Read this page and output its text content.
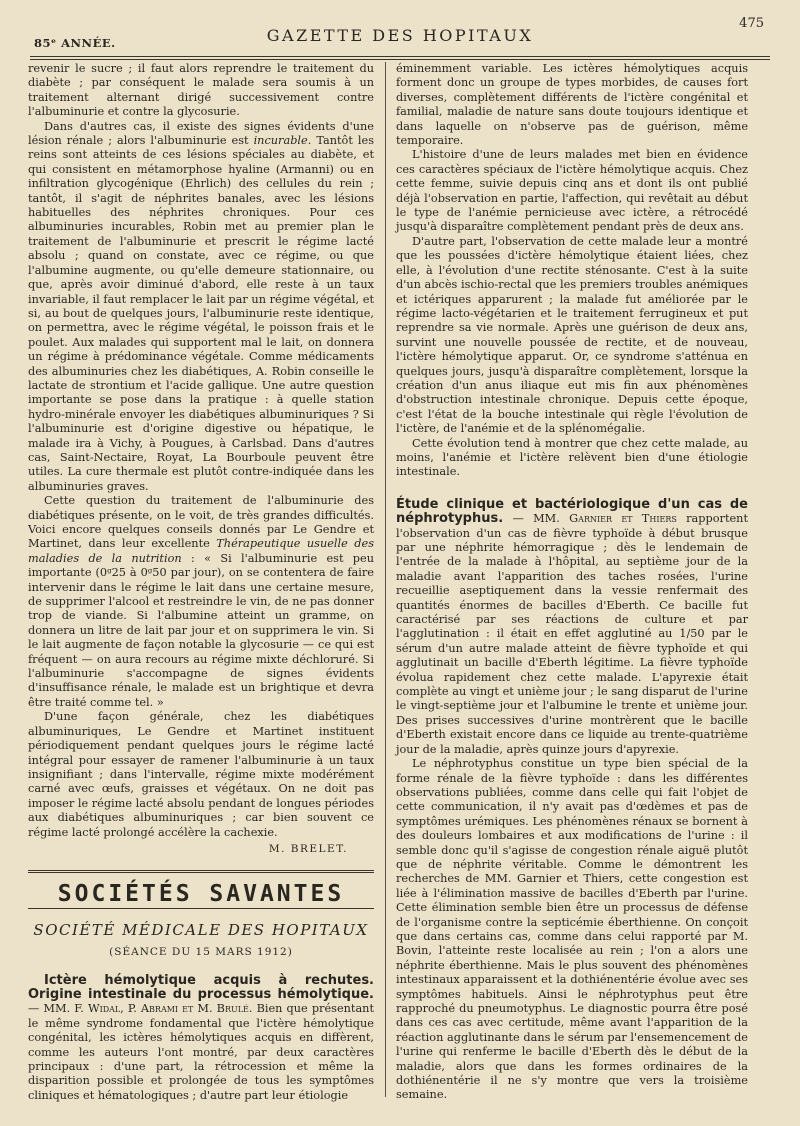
85ᵉ ANNÉE.	GAZETTE DES HOPITAUX
475

revenir le sucre ; il faut alors reprendre le traitement du diabète ; par conséquent le malade sera soumis à un traitement alternant dirigé successivement contre l'albuminurie et contre la glycosurie.

Dans d'autres cas, il existe des signes évidents d'une lésion rénale ; alors l'albuminurie est incurable. Tantôt les reins sont atteints de ces lésions spéciales au diabète, et qui consistent en métamorphose hyaline (Armanni) ou en infiltration glycogénique (Ehrlich) des cellules du rein ; tantôt, il s'agit de néphrites banales, avec les lésions habituelles des néphrites chroniques. Pour ces albuminuries incurables, Robin met au premier plan le traitement de l'albuminurie et prescrit le régime lacté absolu ; quand on constate, avec ce régime, ou que l'albumine augmente, ou qu'elle demeure stationnaire, ou que, après avoir diminué d'abord, elle reste à un taux invariable, il faut remplacer le lait par un régime végétal, et si, au bout de quelques jours, l'albuminurie reste identique, on permettra, avec le régime végétal, le poisson frais et le poulet. Aux malades qui supportent mal le lait, on donnera un régime à prédominance végétale. Comme médicaments des albuminuries chez les diabétiques, A. Robin conseille le lactate de strontium et l'acide gallique. Une autre question importante se pose dans la pratique : à quelle station hydro-minérale envoyer les diabétiques albuminuriques ? Si l'albuminurie est d'origine digestive ou hépatique, le malade ira à Vichy, à Pougues, à Carlsbad. Dans d'autres cas, Saint-Nectaire, Royat, La Bourboule peuvent être utiles. La cure thermale est plutôt contre-indiquée dans les albuminuries graves.

Cette question du traitement de l'albuminurie des diabétiques présente, on le voit, de très grandes difficultés. Voici encore quelques conseils donnés par Le Gendre et Martinet, dans leur excellente Thérapeutique usuelle des maladies de la nutrition : « Si l'albuminurie est peu importante (0ᵍ25 à 0ᵍ50 par jour), on se contentera de faire intervenir dans le régime le lait dans une certaine mesure, de supprimer l'alcool et restreindre le vin, de ne pas donner trop de viande. Si l'albumine atteint un gramme, on donnera un litre de lait par jour et on supprimera le vin. Si le lait augmente de façon notable la glycosurie — ce qui est fréquent — on aura recours au régime mixte déchloruré. Si l'albuminurie s'accompagne de signes évidents d'insuffisance rénale, le malade est un brightique et devra être traité comme tel. »

D'une façon générale, chez les diabétiques albuminuriques, Le Gendre et Martinet instituent périodiquement pendant quelques jours le régime lacté intégral pour essayer de ramener l'albuminurie à un taux insignifiant ; dans l'intervalle, régime mixte modérément carné avec œufs, graisses et végétaux. On ne doit pas imposer le régime lacté absolu pendant de longues périodes aux diabétiques albuminuriques ; car bien souvent ce régime lacté prolongé accélère la cachexie.

M. BRELET.
SOCIÉTÉS SAVANTES
SOCIÉTÉ MÉDICALE DES HOPITAUX
(SÉANCE DU 15 MARS 1912)

Ictère hémolytique acquis à rechutes. Origine intestinale du processus hémolytique. — MM. F. Widal, P. Abrami et M. Brulé. Bien que présentant le même syndrome fondamental que l'ictère hémolytique congénital, les ictères hémolytiques acquis en diffèrent, comme les auteurs l'ont montré, par deux caractères principaux : d'une part, la rétrocession et même la disparition possible et prolongée de tous les symptômes cliniques et hématologiques ; d'autre part leur étiologie

éminemment variable. Les ictères hémolytiques acquis forment donc un groupe de types morbides, de causes fort diverses, complètement différents de l'ictère congénital et familial, maladie de nature sans doute toujours identique et dans laquelle on n'observe pas de guérison, même temporaire.

L'histoire d'une de leurs malades met bien en évidence ces caractères spéciaux de l'ictère hémolytique acquis. Chez cette femme, suivie depuis cinq ans et dont ils ont publié déjà l'observation en partie, l'affection, qui revêtait au début le type de l'anémie pernicieuse avec ictère, a rétrocédé jusqu'à disparaître complètement pendant près de deux ans.

D'autre part, l'observation de cette malade leur a montré que les poussées d'ictère hémolytique étaient liées, chez elle, à l'évolution d'une rectite sténosante. C'est à la suite d'un abcès ischio-rectal que les premiers troubles anémiques et ictériques apparurent ; la malade fut améliorée par le régime lacto-végétarien et le traitement ferrugineux et put reprendre sa vie normale. Après une guérison de deux ans, survint une nouvelle poussée de rectite, et de nouveau, l'ictère hémolytique apparut. Or, ce syndrome s'atténua en quelques jours, jusqu'à disparaître complètement, lorsque la création d'un anus iliaque eut mis fin aux phénomènes d'obstruction intestinale chronique. Depuis cette époque, c'est l'état de la bouche intestinale qui règle l'évolution de l'ictère, de l'anémie et de la splénomégalie.

Cette évolution tend à montrer que chez cette malade, au moins, l'anémie et l'ictère relèvent bien d'une étiologie intestinale.

Étude clinique et bactériologique d'un cas de néphrotyphus. — MM. Garnier et Thiers rapportent l'observation d'un cas de fièvre typhoïde à début brusque par une néphrite hémorragique ; dès le lendemain de l'entrée de la malade à l'hôpital, au septième jour de la maladie avant l'apparition des taches rosées, l'urine recueillie aseptiquement dans la vessie renfermait des quantités énormes de bacilles d'Eberth. Ce bacille fut caractérisé par ses réactions de culture et par l'agglutination : il était en effet agglutiné au 1/50 par le sérum d'un autre malade atteint de fièvre typhoïde et qui agglutinait un bacille d'Eberth légitime. La fièvre typhoïde évolua rapidement chez cette malade. L'apyrexie était complète au vingt et unième jour ; le sang disparut de l'urine le vingt-septième jour et l'albumine le trente et unième jour. Des prises successives d'urine montrèrent que le bacille d'Eberth existait encore dans ce liquide au trente-quatrième jour de la maladie, après quinze jours d'apyrexie.

Le néphrotyphus constitue un type bien spécial de la forme rénale de la fièvre typhoïde : dans les différentes observations publiées, comme dans celle qui fait l'objet de cette communication, il n'y avait pas d'œdèmes et pas de symptômes urémiques. Les phénomènes rénaux se bornent à des douleurs lombaires et aux modifications de l'urine : il semble donc qu'il s'agisse de congestion rénale aiguë plutôt que de néphrite véritable. Comme le démontrent les recherches de MM. Garnier et Thiers, cette congestion est liée à l'élimination massive de bacilles d'Eberth par l'urine. Cette élimination semble bien être un processus de défense de l'organisme contre la septicémie éberthienne. On conçoit que dans certains cas, comme dans celui rapporté par M. Bovin, l'atteinte reste localisée au rein ; l'on a alors une néphrite éberthienne. Mais le plus souvent des phénomènes intestinaux apparaissent et la dothiénentérie évolue avec ses symptômes habituels. Ainsi le néphrotyphus peut être rapproché du pneumotyphus. Le diagnostic pourra être posé dans ces cas avec certitude, même avant l'apparition de la réaction agglutinante dans le sérum par l'ensemencement de l'urine qui renferme le bacille d'Eberth dès le début de la maladie, alors que dans les formes ordinaires de la dothiénentérie il ne s'y montre que vers la troisième semaine.
